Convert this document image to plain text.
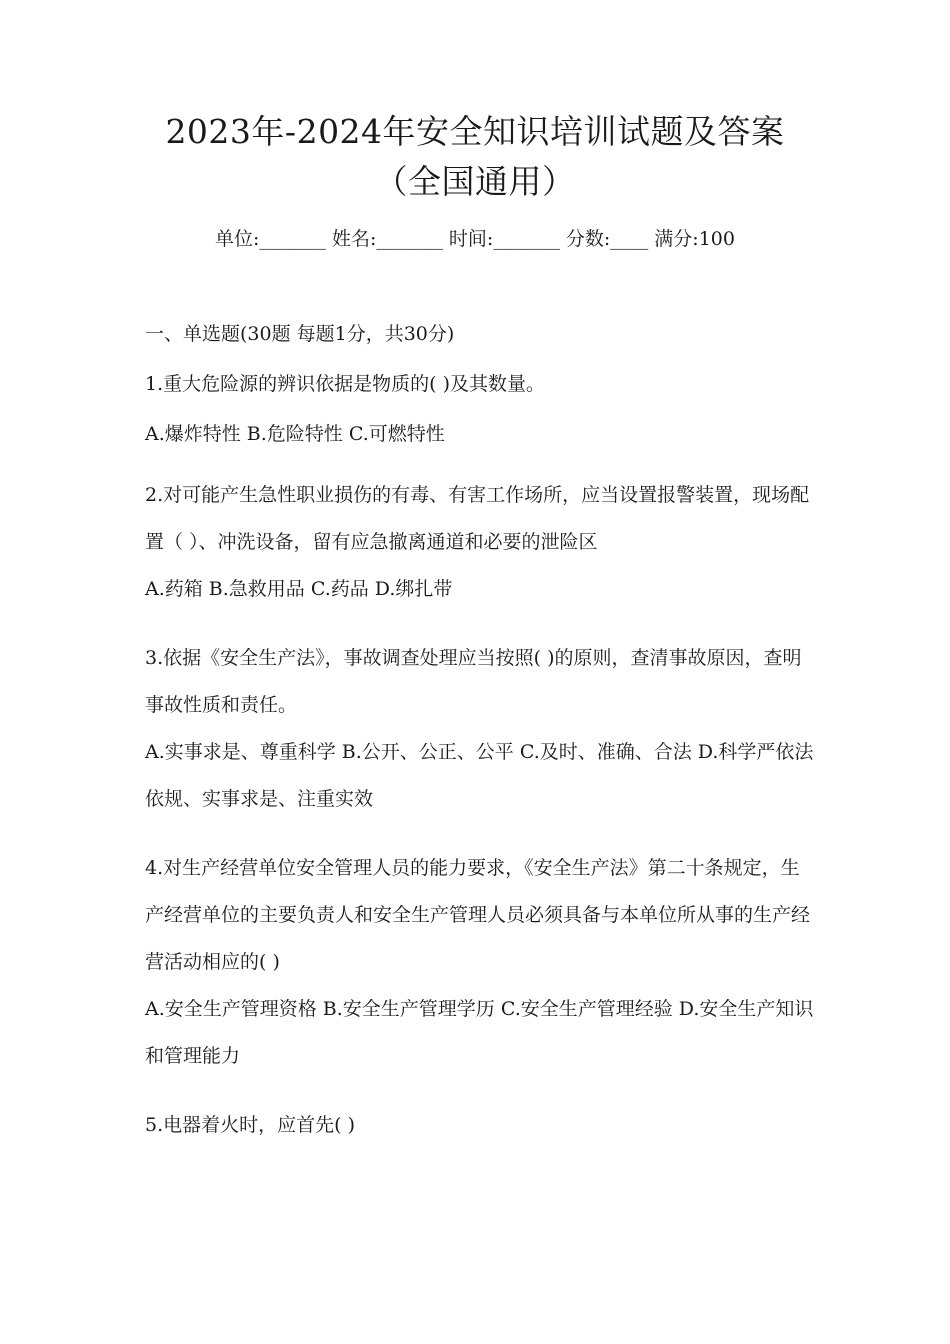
2023年-2024年安全知识培训试题及答案
（全国通用）
单位:_______ 姓名:_______ 时间:_______ 分数:____ 满分:100
一、单选题(30题 每题1分，共30分)
1.重大危险源的辨识依据是物质的( )及其数量。
A.爆炸特性 B.危险特性 C.可燃特性
2.对可能产生急性职业损伤的有毒、有害工作场所，应当设置报警装置，现场配置（ ）、冲洗设备，留有应急撤离通道和必要的泄险区
A.药箱 B.急救用品 C.药品 D.绑扎带
3.依据《安全生产法》，事故调查处理应当按照( )的原则，查清事故原因，查明事故性质和责任。
A.实事求是、尊重科学 B.公开、公正、公平 C.及时、准确、合法 D.科学严依法依规、实事求是、注重实效
4.对生产经营单位安全管理人员的能力要求，《安全生产法》第二十条规定，生产经营单位的主要负责人和安全生产管理人员必须具备与本单位所从事的生产经营活动相应的( )
A.安全生产管理资格 B.安全生产管理学历 C.安全生产管理经验 D.安全生产知识和管理能力
5.电器着火时，应首先( )
